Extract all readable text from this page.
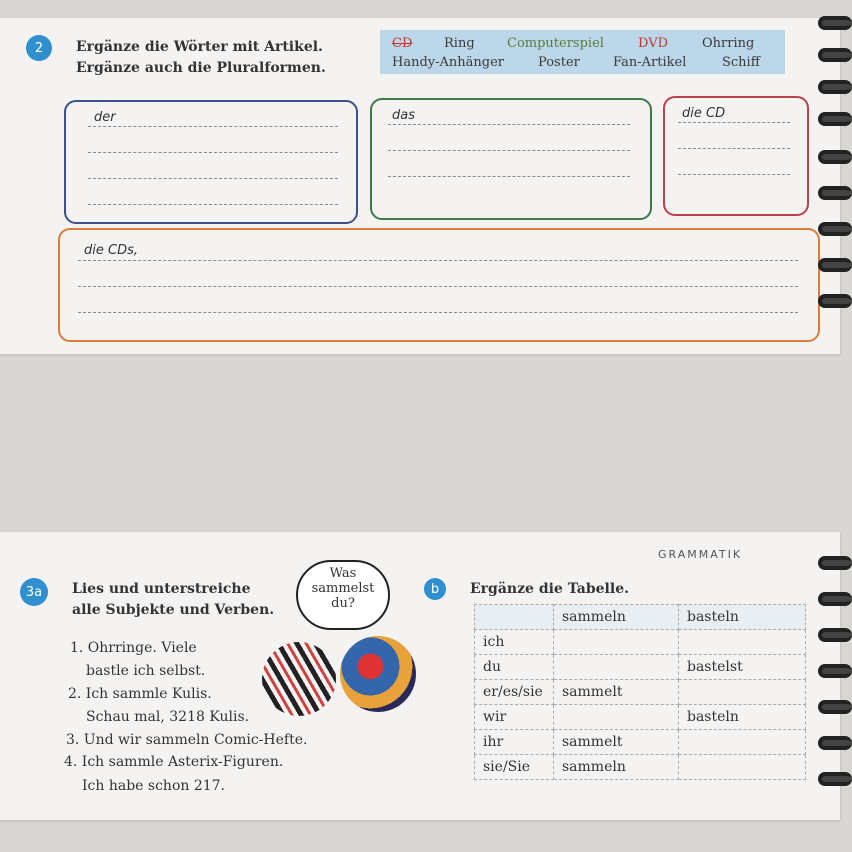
2	Ergänze die Wörter mit Artikel.
Ergänze auch die Pluralformen.
CD Ring Computerspiel	DVD	Ohrring
Handy-Anhänger	Poster	Fan-Artikel	Schiff
der	das	die CD
die CDs,
GRAMMATIK
3a	Lies und unterstreiche
alle Subjekte und Verben.
Was
sammelst
du?
1. Ohrringe. Viele
bastle ich selbst.
2. Ich sammle Kulis.
Schau mal, 3218 Kulis.
3. Und wir sammeln Comic-Hefte.
4. Ich sammle Asterix-Figuren.
Ich habe schon 217.
b	Ergänze die Tabelle.
	sammeln	basteln
ich		
du		bastelst
er/es/sie	sammelt	
wir		basteln
ihr	sammelt	
sie/Sie	sammeln	
